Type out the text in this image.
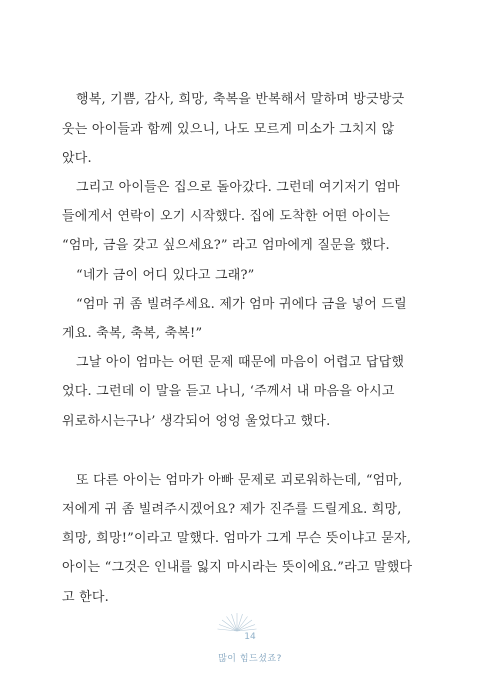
행복, 기쁨, 감사, 희망, 축복을 반복해서 말하며 방긋방긋
웃는 아이들과 함께 있으니, 나도 모르게 미소가 그치지 않
았다.
그리고 아이들은 집으로 돌아갔다. 그런데 여기저기 엄마
들에게서 연락이 오기 시작했다. 집에 도착한 어떤 아이는
“엄마, 금을 갖고 싶으세요?” 라고 엄마에게 질문을 했다.
“네가 금이 어디 있다고 그래?”
“엄마 귀 좀 빌려주세요. 제가 엄마 귀에다 금을 넣어 드릴
게요. 축복, 축복, 축복!”
그날 아이 엄마는 어떤 문제 때문에 마음이 어렵고 답답했
었다. 그런데 이 말을 듣고 나니, ‘주께서 내 마음을 아시고
위로하시는구나’ 생각되어 엉엉 울었다고 했다.
또 다른 아이는 엄마가 아빠 문제로 괴로워하는데, “엄마,
저에게 귀 좀 빌려주시겠어요? 제가 진주를 드릴게요. 희망,
희망, 희망!”이라고 말했다. 엄마가 그게 무슨 뜻이냐고 묻자,
아이는 “그것은 인내를 잃지 마시라는 뜻이에요.”라고 말했다
고 한다.
14
많이 힘드셨죠?
